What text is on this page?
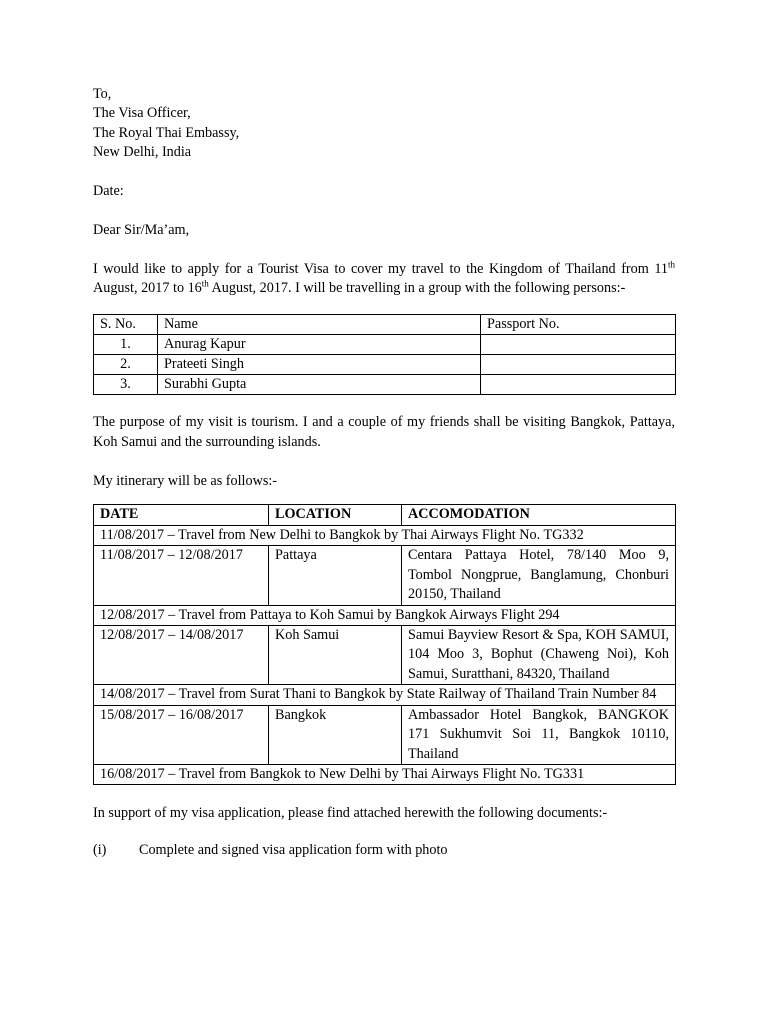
To,

The Visa Officer,

The Royal Thai Embassy,

New Delhi, India

Date:

Dear Sir/Ma’am,

I would like to apply for a Tourist Visa to cover my travel to the Kingdom of Thailand from 11th August, 2017 to 16th August, 2017. I will be travelling in a group with the following persons:-

S. No.	Name	Passport No.
1.	Anurag Kapur	
2.	Prateeti Singh	
3.	Surabhi Gupta	

The purpose of my visit is tourism. I and a couple of my friends shall be visiting Bangkok, Pattaya, Koh Samui and the surrounding islands.

My itinerary will be as follows:-

DATE	LOCATION	ACCOMODATION
11/08/2017 – Travel from New Delhi to Bangkok by Thai Airways Flight No. TG332		
11/08/2017 – 12/08/2017	Pattaya	Centara Pattaya Hotel, 78/140 Moo 9, Tombol Nongprue, Banglamung, Chonburi 20150, Thailand
12/08/2017 – Travel from Pattaya to Koh Samui by Bangkok Airways Flight 294		
12/08/2017 – 14/08/2017	Koh Samui	Samui Bayview Resort & Spa, KOH SAMUI, 104 Moo 3, Bophut (Chaweng Noi), Koh Samui, Suratthani, 84320, Thailand
14/08/2017 – Travel from Surat Thani to Bangkok by State Railway of Thailand Train Number 84		
15/08/2017 – 16/08/2017	Bangkok	Ambassador Hotel Bangkok, BANGKOK 171 Sukhumvit Soi 11, Bangkok 10110, Thailand
16/08/2017 – Travel from Bangkok to New Delhi by Thai Airways Flight No. TG331		

In support of my visa application, please find attached herewith the following documents:-

(i)	Complete and signed visa application form with photo
